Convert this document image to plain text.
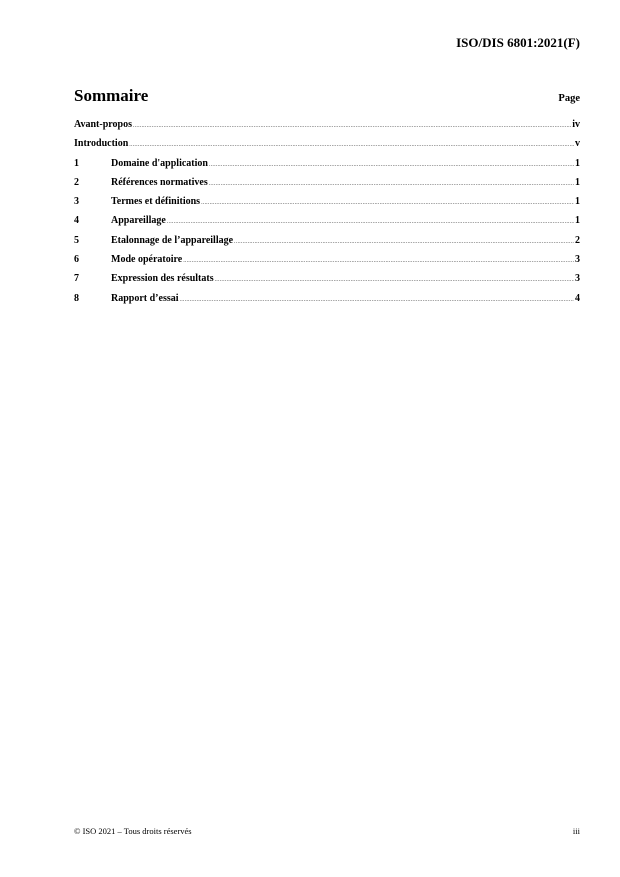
ISO/DIS 6801:2021(F)
Sommaire	Page
Avant-propos .....	iv
Introduction .....	v
1	Domaine d'application .....	1
2	Références normatives .....	1
3	Termes et définitions .....	1
4	Appareillage .....	1
5	Etalonnage de l’appareillage .....	2
6	Mode opératoire .....	3
7	Expression des résultats .....	3
8	Rapport d’essai .....	4
© ISO 2021 – Tous droits réservés	iii
